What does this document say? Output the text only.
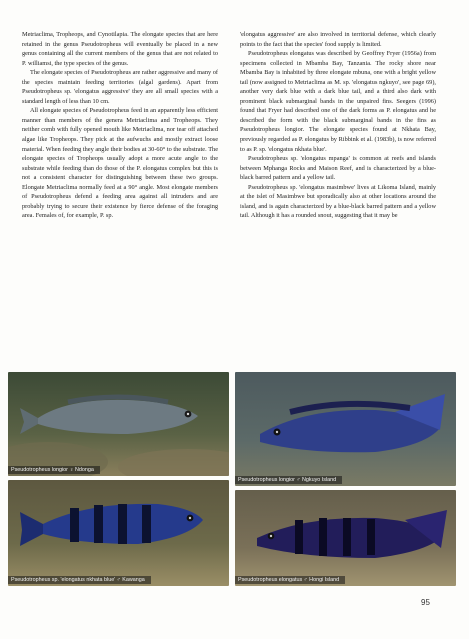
Metriaclima, Tropheops, and Cynotilapia. The elongate species that are here retained in the genus Pseudotropheus will eventually be placed in a new genus containing all the current members of the genus that are not related to P. williamsi, the type species of the genus.

The elongate species of Pseudotropheus are rather aggressive and many of the species maintain feeding territories (algal gardens). Apart from Pseudotropheus sp. 'elongatus aggressive' they are all small species with a standard length of less than 10 cm.

All elongate species of Pseudotropheus feed in an apparently less efficient manner than members of the genera Metriaclima and Tropheops. They neither comb with fully opened mouth like Metriaclima, nor tear off attached algae like Tropheops. They pick at the aufwuchs and mostly extract loose material. When feeding they angle their bodies at 30-60° to the substrate. The elongate species of Tropheops usually adopt a more acute angle to the substrate while feeding than do those of the P. elongatus complex but this is not a consistent character for distinguishing between these two groups. Elongate Metriaclima normally feed at a 90° angle. Most elongate members of Pseudotropheus defend a feeding area against all intruders and are probably trying to secure their existence by fierce defense of the foraging area. Females of, for example, P. sp.

'elongatus aggressive' are also involved in territorial defense, which clearly points to the fact that the species' food supply is limited.

Pseudotropheus elongatus was described by Geoffrey Fryer (1956a) from specimens collected in Mbamba Bay, Tanzania. The rocky shore near Mbamba Bay is inhabited by three elongate mbuna, one with a bright yellow tail (now assigned to Metriaclima as M. sp. 'elongatus ngkuyo', see page 69), another very dark blue with a dark blue tail, and a third also dark with prominent black submarginal bands in the unpaired fins. Seegers (1996) found that Fryer had described one of the dark forms as P. elongatus and he described the form with the black submarginal bands in the fins as Pseudotropheus longior. The elongate species found at Nkhata Bay, previously regarded as P. elongatus by Ribbink et al. (1983b), is now referred to as P. sp. 'elongatus nkhata blue'.

Pseudotropheus sp. 'elongatus mpanga' is common at reefs and islands between Mphanga Rocks and Maison Reef, and is characterized by a blue-black barred pattern and a yellow tail.

Pseudotropheus sp. 'elongatus masimbwe' lives at Likoma Island, mainly at the islet of Masimbwe but sporadically also at other locations around the island, and is again characterized by a blue-black barred pattern and a yellow tail. Although it has a rounded snout, suggesting that it may be

Pseudotropheus longior ♀ Ndonga
Pseudotropheus longior ♂ Ngkuyo Island
Pseudotropheus sp. 'elongatus nkhata blue' ♂ Kawanga	Pseudotropheus elongatus ♂ Hongi Island
95
